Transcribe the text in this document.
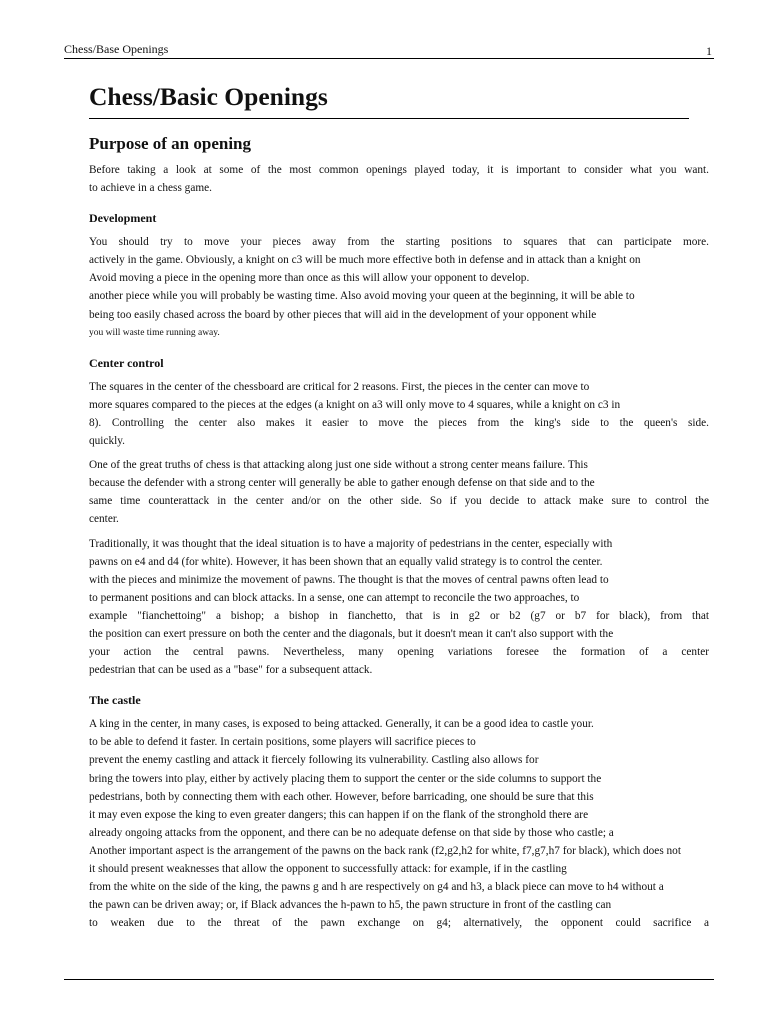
Chess/Base Openings	1
Chess/Basic Openings
Purpose of an opening
Before taking a look at some of the most common openings played today, it is important to consider what you want.
to achieve in a chess game.
Development
You should try to move your pieces away from the starting positions to squares that can participate more.
actively in the game. Obviously, a knight on c3 will be much more effective both in defense and in attack than a knight on
Avoid moving a piece in the opening more than once as this will allow your opponent to develop.
another piece while you will probably be wasting time. Also avoid moving your queen at the beginning, it will be able to
being too easily chased across the board by other pieces that will aid in the development of your opponent while
you will waste time running away.
Center control
The squares in the center of the chessboard are critical for 2 reasons. First, the pieces in the center can move to
more squares compared to the pieces at the edges (a knight on a3 will only move to 4 squares, while a knight on c3 in
8). Controlling the center also makes it easier to move the pieces from the king's side to the queen's side.
quickly.
One of the great truths of chess is that attacking along just one side without a strong center means failure. This
because the defender with a strong center will generally be able to gather enough defense on that side and to the
same time counterattack in the center and/or on the other side. So if you decide to attack make sure to control the
center.
Traditionally, it was thought that the ideal situation is to have a majority of pedestrians in the center, especially with
pawns on e4 and d4 (for white). However, it has been shown that an equally valid strategy is to control the center.
with the pieces and minimize the movement of pawns. The thought is that the moves of central pawns often lead to
to permanent positions and can block attacks. In a sense, one can attempt to reconcile the two approaches, to
example "fianchettoing" a bishop; a bishop in fianchetto, that is in g2 or b2 (g7 or b7 for black), from that
the position can exert pressure on both the center and the diagonals, but it doesn't mean it can't also support with the
your action the central pawns. Nevertheless, many opening variations foresee the formation of a center
pedestrian that can be used as a "base" for a subsequent attack.
The castle
A king in the center, in many cases, is exposed to being attacked. Generally, it can be a good idea to castle your.
to be able to defend it faster. In certain positions, some players will sacrifice pieces to
prevent the enemy castling and attack it fiercely following its vulnerability. Castling also allows for
bring the towers into play, either by actively placing them to support the center or the side columns to support the
pedestrians, both by connecting them with each other. However, before barricading, one should be sure that this
it may even expose the king to even greater dangers; this can happen if on the flank of the stronghold there are
already ongoing attacks from the opponent, and there can be no adequate defense on that side by those who castle; a
Another important aspect is the arrangement of the pawns on the back rank (f2,g2,h2 for white, f7,g7,h7 for black), which does not
it should present weaknesses that allow the opponent to successfully attack: for example, if in the castling
from the white on the side of the king, the pawns g and h are respectively on g4 and h3, a black piece can move to h4 without a
the pawn can be driven away; or, if Black advances the h-pawn to h5, the pawn structure in front of the castling can
to weaken due to the threat of the pawn exchange on g4; alternatively, the opponent could sacrifice a
